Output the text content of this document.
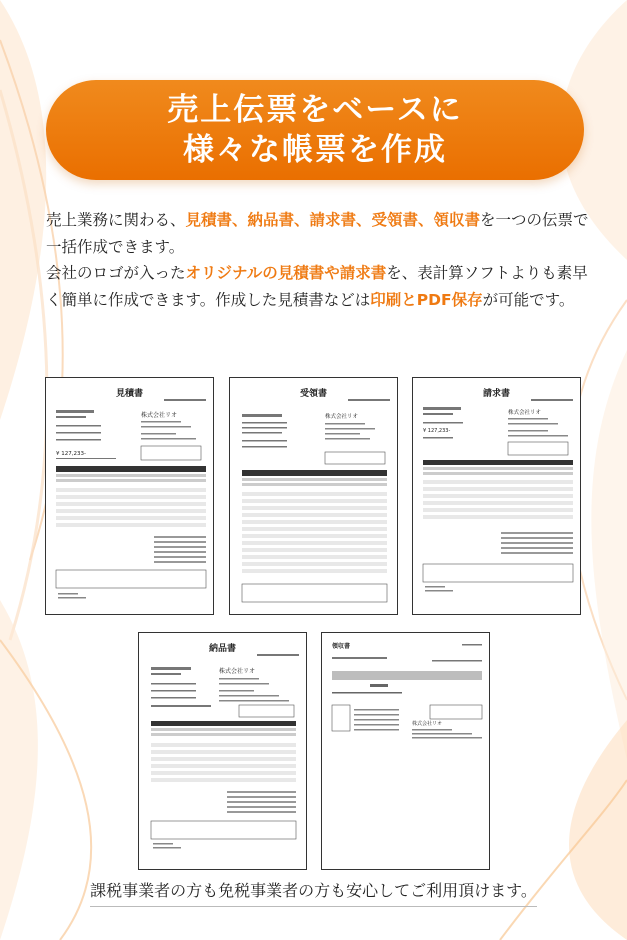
売上伝票をベースに
様々な帳票を作成

売上業務に関わる、見積書、納品書、請求書、受領書、領収書を一つの伝票で一括作成できます。

会社のロゴが入ったオリジナルの見積書や請求書を、表計算ソフトよりも素早く簡単に作成できます。作成した見積書などは印刷とPDF保存が可能です。

見積書
株式会社リオ
¥ 127,233-
受領書
株式会社リオ
請求書
株式会社リオ
¥ 127,233-
納品書
株式会社リオ
領収書
株式会社リオ
課税事業者の方も免税事業者の方も安心してご利用頂けます。
